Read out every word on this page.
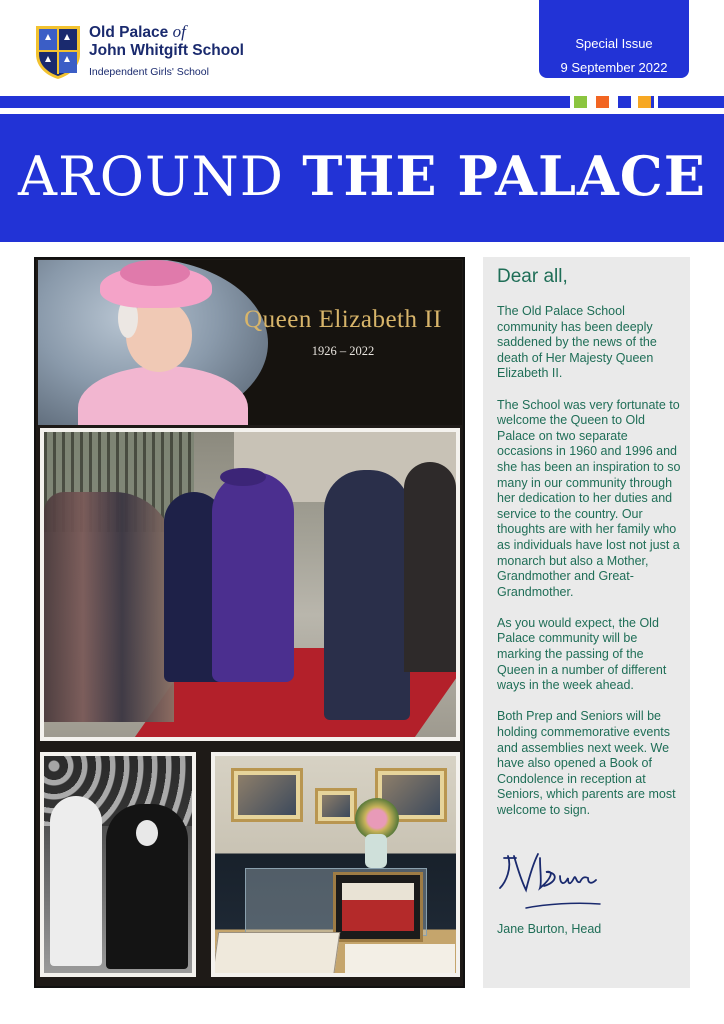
Old Palace of
John Whitgift School
Independent Girls' School
Special Issue
9 September 2022
AROUND THE PALACE
Queen Elizabeth II
1926 – 2022
Dear all,

The Old Palace School community has been deeply saddened by the news of the death of Her Majesty Queen Elizabeth II.

The School was very fortunate to welcome the Queen to Old Palace on two separate occasions in 1960 and 1996 and she has been an inspiration to so many in our community through her dedication to her duties and service to the country. Our thoughts are with her family who as individuals have lost not just a monarch but also a Mother, Grandmother and Great-Grandmother.

As you would expect, the Old Palace community will be marking the passing of the Queen in a number of different ways in the week ahead.

Both Prep and Seniors will be holding commemorative events and assemblies next week. We have also opened a Book of Condolence in reception at Seniors, which parents are most welcome to sign.

Jane Burton, Head
